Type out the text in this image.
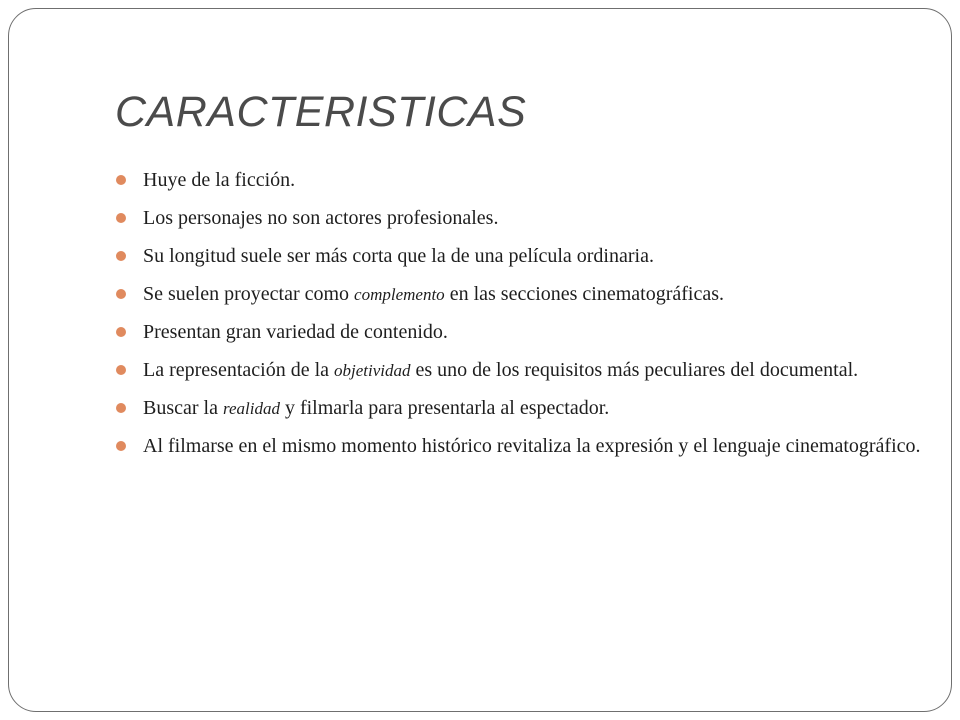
CARACTERISTICAS
Huye de la ficción.
Los personajes no son actores profesionales.
Su longitud suele ser más corta que la de una película ordinaria.
Se suelen proyectar como complemento en las secciones cinematográficas.
Presentan gran variedad de contenido.
La representación de la objetividad es uno de los requisitos más peculiares del documental.
Buscar la realidad y filmarla para presentarla al espectador.
Al filmarse en el mismo momento histórico revitaliza la expresión y el lenguaje cinematográfico.
